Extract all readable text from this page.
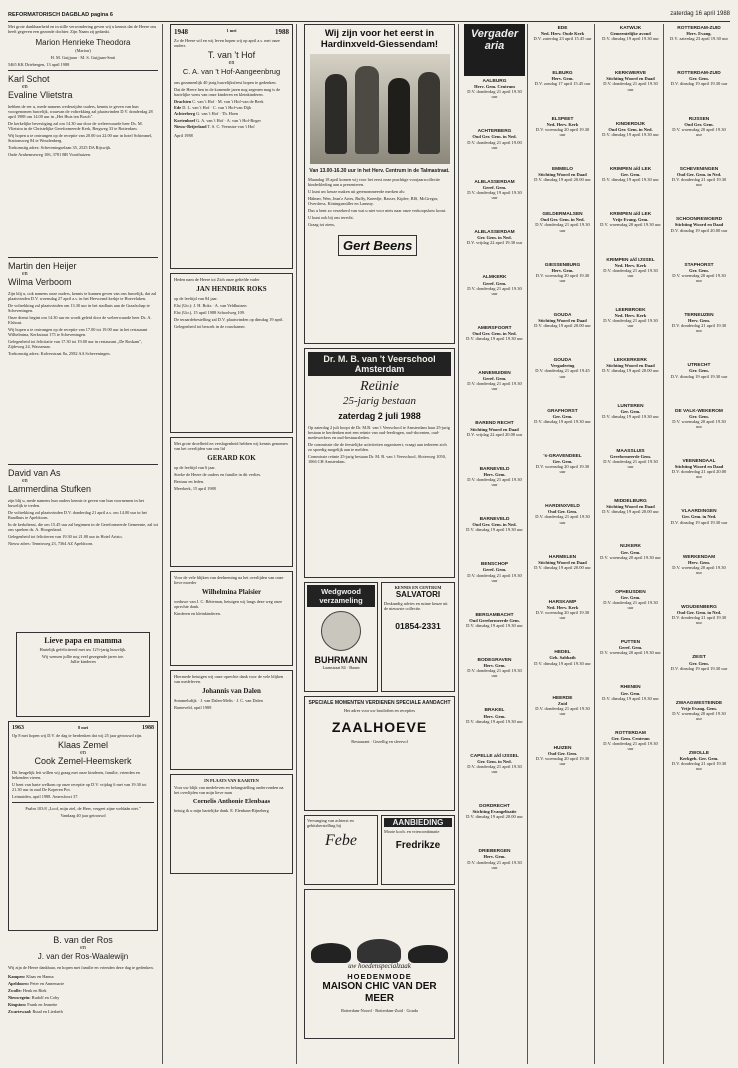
REFORMATORISCH DAGBLAD pagina 6	zaterdag 16 april 1988

Met grote dankbaarheid en in stille verwondering geven wij u kennis dat de Heere ons heeft gegeven een gezonde dochter. Zijn Naam zij gedankt.

Marion Henrieke Theodora
(Marion)
H. M. Guijjaan · M. S. Guijjaan-Smit
5465 KK Driebergen, 13 april 1988
Karl Schot
en
Evaline Vlietstra

hebben de eer u, mede namens wederzijdse ouders, kennis te geven van hun voorgenomen huwelijk, waarvan de voltrekking zal plaatsvinden D.V. donderdag 28 april 1988 om 14.00 uur in „Het Huis ten Bosch".

De kerkelijke bevestiging zal om 14.30 uur door de weleerwaarde heer Ds. M. Vlietstra in de Christelijke Gereformeerde Kerk, Bergweg 33 te Rotterdam.

Wij hopen u te ontvangen op de receptie van 20.00 tot 22.00 uur in hotel Schimmel, Stationsweg 84 te Woudenberg.

Toekomstig adres: Scheveningselaan 35, 2525 DA Rijswijk.

Oude Arnhemseweg 106, 3781 BR Voorthuizen.

Martin den Heijer
en
Wilma Verboom

Zijn blij u, ook namens onze ouders, kennis te kunnen geven van ons huwelijk, dat zal plaatsvinden D.V. woensdag 27 april a.s. in het Hervormd kerkje te Hoevelaken.

De voltrekking zal plaatsvinden om 13.30 uur in het stadhuis aan de Graafschap te Scheveningen.

Onze dienst begint om 14.30 uur en wordt geleid door de weleerwaarde heer Ds. A. Elshout.

Wij hopen u te ontvangen op de receptie van 17.00 tot 19.00 uur in het restaurant Wilhelmina, Kerkstraat 175 te Scheveningen.

Gelegenheid tot felicitatie van 17.30 tot 19.00 uur in restaurant „De Roskam", Zijdeweg 24, Wassenaar.

Toekomstig adres: Kalverstraat 8a, 2582 AA Scheveningen.

David van As
en
Lammerdina Stufken

zijn blij u, mede namens hun ouders kennis te geven van hun voornemen in het huwelijk te treden.

De voltrekking zal plaatsvinden D.V. donderdag 21 april a.s. om 14.00 uur in het Raadhuis te Apeldoorn.

In de kerkdienst, die om 15.45 uur zal beginnen in de Gereformeerde Gemeente, zal tot ons spreken ds. A. Hoogerland.

Gelegenheid tot feliciteren van 19.30 tot 21.00 uur in Hotel Aristo.

Nieuw adres: Tennisweg 23, 7364 AZ Apeldoorn.

Lieve papa en mamma
Hartelijk gefeliciteerd met uw 12½-jarig huwelijk.
Wij wensen jullie nog veel gezegende jaren toe.
Jullie kinderen
1963	8 mei	1988
Op 8 mei hopen wij D.V. de dag te herdenken dat wij 25 jaar getrouwd zijn.
Klaas Zemel
en
Cook Zemel-Heemskerk

Dit heugelijk feit willen wij graag met onze kinderen, familie, vrienden en bekenden vieren.

U bent van harte welkom op onze receptie op D.V. vrijdag 6 mei van 19.30 tot 21.30 uur in zaal De Koperen Pot.

Leimuiden, april 1988. Amersfoort 37.

Psalm 103:8 „Loof, mijn ziel, de Heer, vergeet zijne weldaân niet."

Vandaag 40 jaar getrouwd

B. van der Ros
en
J. van der Ros-Waalewijn
Wij zijn de Heere dankbaar, en hopen met familie en vrienden deze dag te gedenken.
Kampen: Klaas en Hanna
Apeldoorn: Peter en Annemarie
Zwolle: Henk en Riek
Nieuwegein: Rudolf en Coby
Kingston: Frank en Jeanette
Zwartewaal: Ruud en Liesbeth
1948	1 mei	1988
Zo de Heere wil en wij leven hopen wij op april a.s. met onze ouders
T. van 't Hof
en
C. A. van 't Hof-Aangeenbrug

ons gezamenlijk 40 jarig huwelijksfeest hopen te gedenken.

Dat de Heere hen in de komende jaren nog zegenen mag is de hartelijke wens van onze kinderen en kleinkinderen.

Drachten C. van 't Hof · M. van 't Hof-van de Beek
Ede D. L. van 't Hof · C. van 't Hof-van Dijk
Achterberg G. van 't Hof · Th. Hoen
Kortenhoef G. A. van 't Hof · A. van 't Hof-Boger
Nieuw-Beijerland T. S. C. Veenstra-van 't Hof
April 1988
Heden nam de Heere tot Zich onze geliefde vader
JAN HENDRIK ROKS

op de leeftijd van 84 jaar.

Elst (Utr.): J. H. Roks · A. van Veldhuizen

Elst (Utr.), 15 april 1988 Schoolweg 109.

De teraardebestelling zal D.V. plaatsvinden op dinsdag 19 april.

Gelegenheid tot bezoek in de rouwkamer.

Met grote droefheid en verslagenheid hebben wij kennis genomen van het overlijden van ons lid
GERARD KOK

op de leeftijd van 6 jaar.

Sterke de Heere de ouders en familie in dit verlies.

Bestuur en leden.

Meerkerk, 15 april 1988

Voor de vele blijken van deelneming na het overlijden van onze lieve moeder
Wilhelmina Plaisier

weduwe van J. C. Bètteman, betuigen wij langs deze weg onze oprechte dank.

Kinderen en kleinkinderen.

Hiermede betuigen wij onze oprechte dank voor de vele blijken van medeleven.
Johannis van Dalen

Sommelsdijk · J. van Dalen-Melis · J. C. van Dalen

Barneveld, april 1988

IN PLAATS VAN KAARTEN
Voor uw blijk van medeleven en belangstelling ondervonden na het overlijden van mijn lieve man
Cornelis Anthonie Elenbaas

betuig ik u mijn hartelijke dank. E. Elenbaas-Rijneberg

Wij zijn voor het eerst in Hardinxveld-Giessendam!
Van 13.00-16.30 uur in het Herv. Centrum in de Talmastraat.

Maandag 18 april komen wij voor het eerst onze prachtige voorjaarscollectie kinderkleding aan u presenteren.

U kunt uw keuze maken uit gerenommeerde merken als:

Hàlmer, Wen, Jean'z Aries, Buffy, Kneedje, Rasser, Kiplee, BIS, McGregor, Overdress, Köningsmüller en Lammy.

Dus u bent zo verzekerd van wat u niet voor niets naar onze verkoopshow komt.

U kunt ook bij ons terecht.

Graag tot ziens,

Gert Beens
Dr. M. B. van 't Veerschool Amsterdam
Reünie
25-jarig bestaan
zaterdag 2 juli 1988

Op zaterdag 2 juli hoopt de Dr. M.B. van 't Veerschool te Amsterdam haar 25-jarig bestaan te herdenken met een reünie van oud-leerlingen, oud-docenten, oud-medewerkers en oud-bestuursleden.

De commissie die de feestelijke activiteiten organiseert, vraagt aan iedereen zich zo spoedig mogelijk aan te melden.

Commissie reünie 25-jarig bestaan Dr. M. B. van 't Veerschool, Sloterweg 1050, 1066 CH Amsterdam.

Wedgwood verzameling
BUHRMANN
Laanstraat 84 · Baarn
KENNIS EN CENTRUM
SALVATORI

Deskundig advies en ruime keuze uit de nieuwste collectie.

01854-2331
SPECIALE MOMENTEN VERDIENEN SPECIALE AANDACHT
Het adres voor uw bruiloften en recepties
ZAALHOEVE
Restaurant · Gezellig en sfeervol
Vervanging van achterst en gebitsherstelling bij
Febe
AANBIEDING
Mooie koch. en vriescombinatie
Fredrikze
uw hoedenspecialzaak
HOEDENMODE
MAISON CHIC VAN DER MEER
Rotterdam-Noord · Rotterdam-Zuid · Gouda
Vergader aria
AALBURG
Herv. Gem. Centrum
D.V. donderdag 21 april 19.30 uur
ACHTERBERG
Oud Ger. Gem. in Ned.
D.V. donderdag 21 april 19.00 uur
ALBLASSERDAM
Geref. Gem.
D.V. donderdag 19 april 19.30 uur
ALBLASSERDAM
Ger. Gem. in Ned.
D.V. vrijdag 22 april 19.30 uur
ALMKERK
Geref. Gem.
D.V. donderdag 21 april 19.30 uur
AMERSFOORT
Oud Ger. Gem. in Ned.
D.V. dinsdag 19 april 19.30 uur
ANNEMUIDEN
Geref. Gem.
D.V. donderdag 21 april 19.30 uur
BAREND RECHT
Stichting Woord en Daad
D.V. vrijdag 22 april 20.00 uur
BARNEVELD
Herv. Gem.
D.V. donderdag 21 april 19.30 uur
BARNEVELD
Oud Ger. Gem. in Ned.
D.V. dinsdag 19 april 19.30 uur
BENSCHOP
Geref. Gem.
D.V. donderdag 21 april 19.30 uur
BERGAMBACHT
Oud Gereformeerde Gem.
D.V. dinsdag 19 april 19.30 uur
BODEGRAVEN
Herv. Gem.
D.V. donderdag 21 april 19.30 uur
BRAKEL
Herv. Gem.
D.V. dinsdag 19 april 19.30 uur
CAPELLE a/d IJSSEL
Ger. Gem. in Ned.
D.V. donderdag 21 april 19.30 uur
DORDRECHT
Stichting Evangelisatie
D.V. dinsdag 19 april 20.00 uur
DRIEBERGEN
Herv. Gem.
D.V. donderdag 21 april 19.30 uur
EDE
Ned. Herv. Oude Kerk
D.V. zaterdag 23 april 15.45 uur
ELBURG
Herv. Gem.
D.V. zondag 17 april 15.45 uur
ELSPEET
Ned. Herv. Kerk
D.V. woensdag 20 april 19.30 uur
EMMELO
Stichting Woord en Daad
D.V. dinsdag 19 april 20.00 uur
GELDERMALSEN
Oud Ger. Gem. in Ned.
D.V. donderdag 21 april 19.30 uur
GIESSENBURG
Herv. Gem.
D.V. woensdag 20 april 19.30 uur
GOUDA
Stichting Woord en Daad
D.V. dinsdag 19 april 20.00 uur
GOUDA
Vergadering
D.V. donderdag 21 april 19.45 uur
GRAFHORST
Ger. Gem.
D.V. dinsdag 19 april 19.30 uur
's-GRAVENDEEL
Ger. Gem.
D.V. woensdag 20 april 19.30 uur
HARDINXVELD
Oud Ger. Gem.
D.V. donderdag 21 april 19.30 uur
HARMELEN
Stichting Woord en Daad
D.V. dinsdag 19 april 20.00 uur
HARSKAMP
Ned. Herv. Kerk
D.V. woensdag 20 april 19.30 uur
HEDEL
Geb. Sabbath
D.V. dinsdag 19 april 19.30 uur
HEERDE
Zuid
D.V. donderdag 21 april 19.30 uur
HUIZEN
Oud Ger. Gem.
D.V. woensdag 20 april 19.30 uur
KATWIJK
Gemeentelijke avond
D.V. dinsdag 19 april 19.30 uur
KERKWERVE
Stichting Woord en Daad
D.V. donderdag 21 april 19.30 uur
KINDERDIJK
Oud Ger. Gem. in Ned.
D.V. dinsdag 19 april 19.30 uur
KRIMPEN a/d LEK
Ger. Gem.
D.V. dinsdag 19 april 19.30 uur
KRIMPEN a/d LEK
Vrije Evang. Gem.
D.V. woensdag 20 april 19.30 uur
KRIMPEN a/d IJSSEL
Ned. Herv. Kerk
D.V. donderdag 21 april 19.30 uur
LEERBROEK
Ned. Herv. Kerk
D.V. donderdag 21 april 19.30 uur
LEKKERKERK
Stichting Woord en Daad
D.V. dinsdag 19 april 20.00 uur
LUNTEREN
Ger. Gem.
D.V. dinsdag 19 april 19.30 uur
MAASSLUIS
Gereformeerde Gem.
D.V. donderdag 21 april 19.30 uur
MIDDELBURG
Stichting Woord en Daad
D.V. dinsdag 19 april 20.00 uur
NIJKERK
Ger. Gem.
D.V. woensdag 20 april 19.30 uur
OPHEUSDEN
Ger. Gem.
D.V. donderdag 21 april 19.30 uur
PUTTEN
Geref. Gem.
D.V. woensdag 20 april 19.30 uur
RHENEN
Ger. Gem.
D.V. dinsdag 19 april 19.30 uur
ROTTERDAM
Ger. Gem. Centrum
D.V. donderdag 21 april 19.30 uur
ROTTERDAM-ZUID
Herv. Evang.
D.V. zaterdag 23 april 19.30 uur
ROTTERDAM-ZUID
Ger. Gem.
D.V. dinsdag 19 april 19.30 uur
RIJSSEN
Oud Ger. Gem.
D.V. woensdag 20 april 19.30 uur
SCHEVENINGEN
Oud Ger. Gem. in Ned.
D.V. donderdag 21 april 19.30 uur
SCHOONREWOERD
Stichting Woord en Daad
D.V. dinsdag 19 april 20.00 uur
STAPHORST
Ger. Gem.
D.V. woensdag 20 april 19.30 uur
TERNEUZEN
Herv. Gem.
D.V. donderdag 21 april 19.30 uur
UTRECHT
Ger. Gem.
D.V. dinsdag 19 april 19.30 uur
DE VALK-WEKEROM
Ger. Gem.
D.V. woensdag 20 april 19.30 uur
VEENENDAAL
Stichting Woord en Daad
D.V. donderdag 21 april 20.00 uur
VLAARDINGEN
Ger. Gem. in Ned.
D.V. dinsdag 19 april 19.30 uur
WERKENDAM
Herv. Gem.
D.V. woensdag 20 april 19.30 uur
WOUDENBERG
Oud Ger. Gem. in Ned.
D.V. donderdag 21 april 19.30 uur
ZEIST
Ger. Gem.
D.V. dinsdag 19 april 19.30 uur
ZWAAGWESTEINDE
Vrije Evang. Gem.
D.V. woensdag 20 april 19.30 uur
ZWOLLE
Kerkgeb. Ger. Gem.
D.V. donderdag 21 april 19.30 uur
